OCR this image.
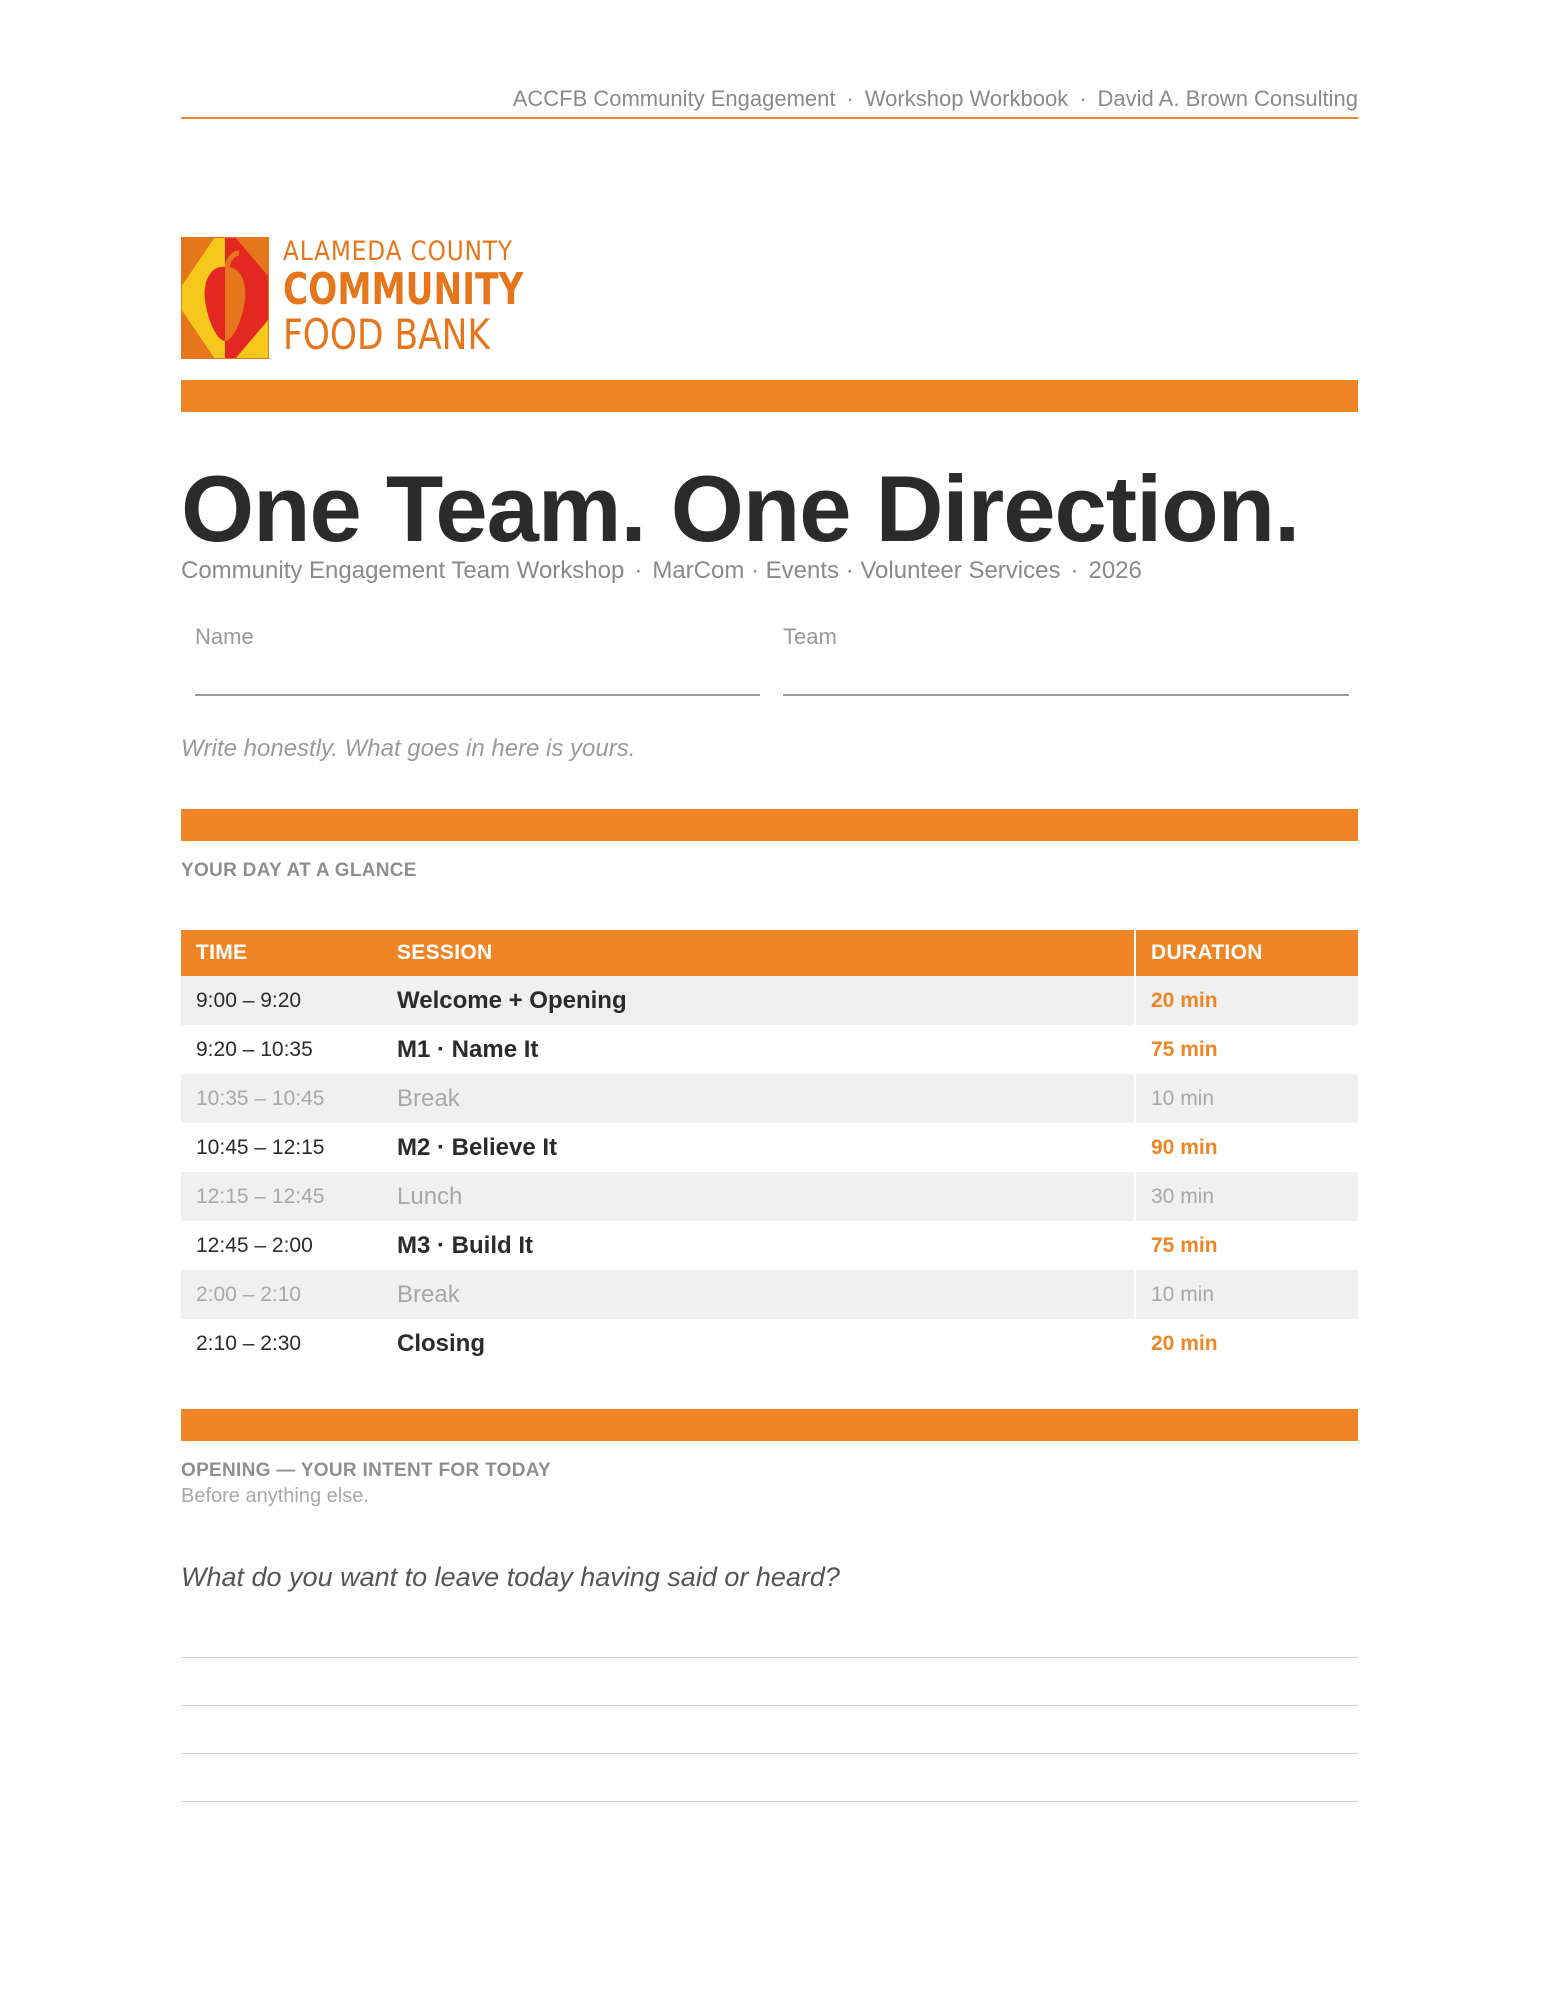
ACCFB Community Engagement · Workshop Workbook · David A. Brown Consulting
ALAMEDA COUNTY
COMMUNITY
FOOD BANK
One Team. One Direction.
Community Engagement Team Workshop · MarCom · Events · Volunteer Services · 2026
Name	Team
Write honestly. What goes in here is yours.
YOUR DAY AT A GLANCE
TIME	SESSION	DURATION
9:00 – 9:20	Welcome + Opening	20 min
9:20 – 10:35	M1 · Name It	75 min
10:35 – 10:45	Break	10 min
10:45 – 12:15	M2 · Believe It	90 min
12:15 – 12:45	Lunch	30 min
12:45 – 2:00	M3 · Build It	75 min
2:00 – 2:10	Break	10 min
2:10 – 2:30	Closing	20 min
OPENING — YOUR INTENT FOR TODAY
Before anything else.
What do you want to leave today having said or heard?
